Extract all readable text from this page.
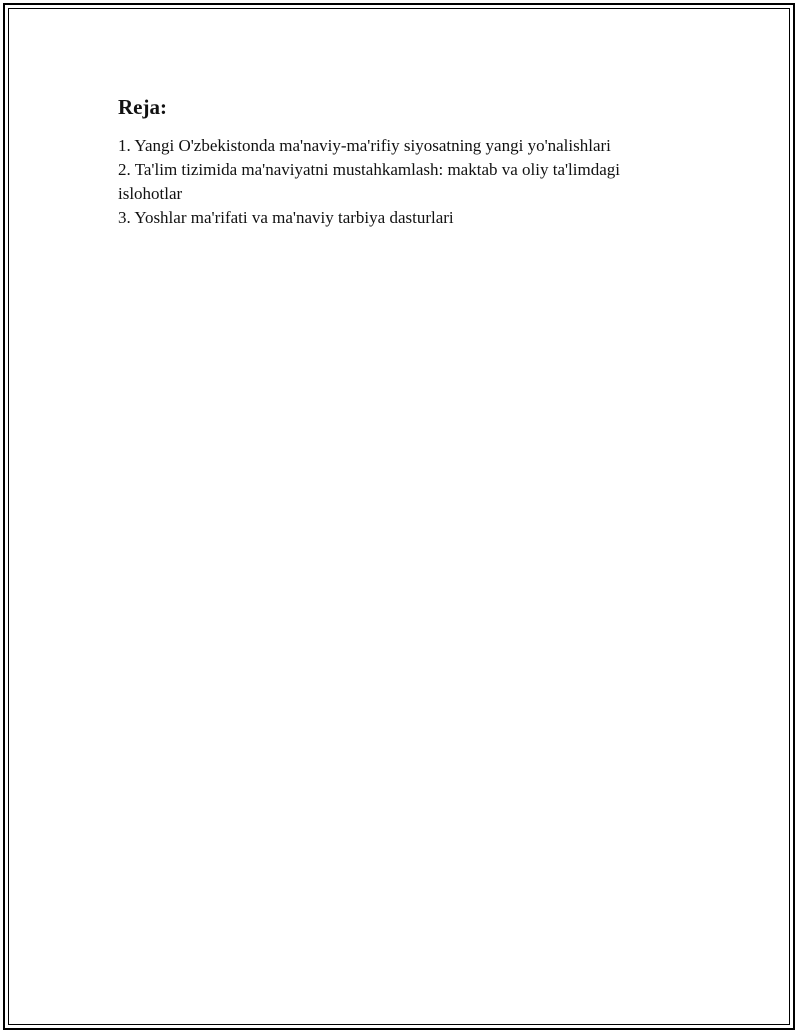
Reja:
1. Yangi O'zbekistonda ma'naviy-ma'rifiy siyosatning yangi yo'nalishlari
2. Ta'lim tizimida ma'naviyatni mustahkamlash: maktab va oliy ta'limdagi islohotlar
3. Yoshlar ma'rifati va ma'naviy tarbiya dasturlari
